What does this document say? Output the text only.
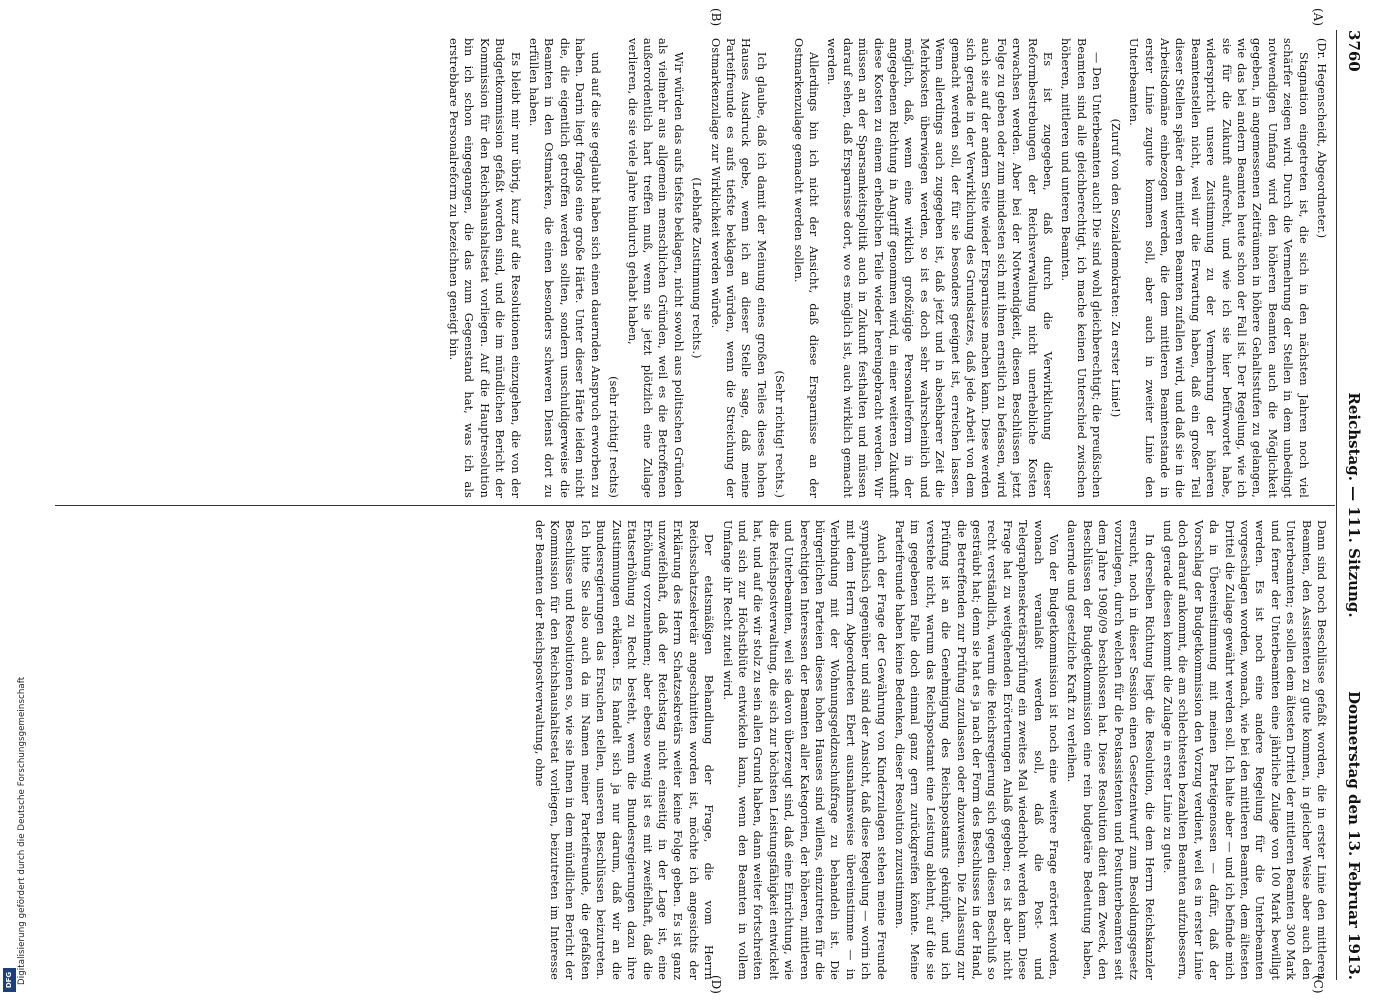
Digitalisierung gefördert durch die Deutsche Forschungsgemeinschaft
DFG
3760
Reichstag. — 111. Sitzung.
Donnerstag den 13. Februar 1913.
(A)
(B)
(C)
(D)

(Dr. Hegenscheidt, Abgeordneter.)

Stagnation eingetreten ist, die sich in den nächsten Jahren noch viel schärfer zeigen wird. Durch die Vermehrung der Stellen in dem unbedingt notwendigen Umfang wird den höheren Beamten auch die Möglichkeit gegeben, in angemessenen Zeiträumen in höhere Gehaltsstufen zu gelangen, wie das bei andern Beamten heute schon der Fall ist. Der Regelung, wie ich sie für die Zukunft aufrecht, und wie ich sie hier befürwortet habe, widerspricht unsere Zustimmung zu der Vermehrung der höheren Beamtenstellen nicht, weil wir die Erwartung haben, daß ein großer Teil dieser Stellen später den mittleren Beamten zufallen wird, und daß sie in die Arbeitsdomäne einbezogen werden, die dem mittleren Beamtenstande in erster Linie zugute kommen soll, aber auch in zweiter Linie den Unterbeamten.

(Zuruf von den Sozialdemokraten: Zu erster Linie!)

— Den Unterbeamten auch! Die sind wohl gleichberechtigt; die preußischen Beamten sind alle gleichberechtigt, ich mache keinen Unterschied zwischen höheren, mittleren und unteren Beamten.

Es ist zugegeben, daß durch die Verwirklichung dieser Reformbestrebungen der Reichsverwaltung nicht unerhebliche Kosten erwachsen werden. Aber bei der Notwendigkeit, diesen Beschlüssen jetzt Folge zu geben oder zum mindesten sich mit ihnen ernstlich zu befassen, wird auch sie auf der andern Seite wieder Ersparnisse machen kann. Diese werden sich gerade in der Verwirklichung des Grundsatzes, daß jede Arbeit von dem gemacht werden soll, der für sie besonders geeignet ist, erreichen lassen. Wenn allerdings auch zugegeben ist, daß jetzt und in absehbarer Zeit die Mehrkosten überwiegen werden, so ist es doch sehr wahrscheinlich und möglich, daß, wenn eine wirklich großzügige Personalreform in der angegebenen Richtung in Angriff genommen wird, in einer weiteren Zukunft diese Kosten zu einem erheblichen Teile wieder hereingebracht werden. Wir müssen an der Sparsamkeitspolitik auch in Zukunft festhalten und müssen darauf sehen, daß Ersparnisse dort, wo es möglich ist, auch wirklich gemacht werden.

Allerdings bin ich nicht der Ansicht, daß diese Ersparnisse an der Ostmarkenzulage gemacht werden sollen.

(Sehr richtig! rechts.)

Ich glaube, daß ich damit der Meinung eines großen Teiles dieses hohen Hauses Ausdruck gebe, wenn ich an dieser Stelle sage, daß meine Parteifreunde es aufs tiefste beklagen würden, wenn die Streichung der Ostmarkenzulage zur Wirklichkeit werden würde.

(Lebhafte Zustimmung rechts.)

Wir würden das aufs tiefste beklagen, nicht sowohl aus politischen Gründen als vielmehr aus allgemein menschlichen Gründen, weil es die Betroffenen außerordentlich hart treffen muß, wenn sie jetzt plötzlich eine Zulage verlieren, die sie viele Jahre hindurch gehabt haben,

(sehr richtig! rechts)

und auf die sie geglaubt haben sich einen dauernden Anspruch erworben zu haben. Darin liegt fraglos eine große Härte. Unter dieser Härte leiden nicht die, die eigentlich getroffen werden sollten, sondern unschuldigerweise die Beamten in den Ostmarken, die einen besonders schweren Dienst dort zu erfüllen haben.

Es bleibt mir nur übrig, kurz auf die Resolutionen einzugehen, die von der Budgetkommission gefaßt worden sind, und die im mündlichen Bericht der Kommission für den Reichshaushaltsetat vorliegen. Auf die Hauptresolution bin ich schon eingegangen, die das zum Gegenstand hat, was ich als erstrebbare Personalreform zu bezeichnen geneigt bin.

Dann sind noch Beschlüsse gefaßt worden, die in erster Linie den mittleren Beamten, den Assistenten zu gute kommen, in gleicher Weise aber auch den Unterbeamten; es sollen dem ältesten Drittel der mittleren Beamten 300 Mark und ferner der Unterbeamten eine jährliche Zulage von 100 Mark bewilligt werden. Es ist noch eine andere Regelung für die Unterbeamten vorgeschlagen worden, wonach, wie bei den mittleren Beamten, dem ältesten Drittel die Zulage gewährt werden soll. Ich halte aber — und ich befinde mich da in Übereinstimmung mit meinen Parteigenossen — dafür, daß der Vorschlag der Budgetkommission den Vorzug verdient, weil es in erster Linie doch darauf ankommt, die am schlechtesten bezahlten Beamten aufzubessern, und gerade diesen kommt die Zulage in erster Linie zu gute.

In derselben Richtung liegt die Resolution, die dem Herrn Reichskanzler ersucht, noch in dieser Session einen Gesetzentwurf zum Besoldungsgesetz vorzulegen, durch welchen für die Postassistenten und Postunterbeamten seit dem Jahre 1908/09 beschlossen hat. Diese Resolution dient dem Zweck, den Beschlüssen der Budgetkommission eine rein budgetäre Bedeutung haben, dauernde und gesetzliche Kraft zu verleihen.

Von der Budgetkommission ist noch eine weitere Frage erörtert worden, wonach veranlaßt werden soll, daß die Post- und Telegraphensekretärsprüfung ein zweites Mal wiederholt werden kann. Diese Frage hat zu weitgehenden Erörterungen Anlaß gegeben; es ist aber nicht recht verständlich, warum die Reichsregierung sich gegen diesen Beschluß so gesträubt hat; denn sie hat es ja nach der Form des Beschlusses in der Hand, die Betreffenden zur Prüfung zuzulassen oder abzuweisen. Die Zulassung zur Prüfung ist an die Genehmigung des Reichspostamts geknüpft, und ich verstehe nicht, warum das Reichspostamt eine Leistung ablehnt, auf die sie im gegebenen Falle doch einmal ganz gern zurückgreifen könnte. Meine Parteifreunde haben keine Bedenken, dieser Resolution zuzustimmen.

Auch der Frage der Gewährung von Kinderzulagen stehen meine Freunde sympathisch gegenüber und sind der Ansicht, daß diese Regelung — worin ich mit dem Herrn Abgeordneten Ebert ausnahmsweise übereinstimme — in Verbindung mit der Wohnungsgeldzuschußfrage zu behandeln ist. Die bürgerlichen Parteien dieses hohen Hauses sind willens, einzutreten für die berechtigten Interessen der Beamten aller Kategorien, der höheren, mittleren und Unterbeamten, weil sie davon überzeugt sind, daß eine Einrichtung, wie die Reichspostverwaltung, die sich zur höchsten Leistungsfähigkeit entwickelt hat, und auf die wir stolz zu sein allen Grund haben, dann weiter fortschreiten und sich zur Höchstblüte entwickeln kann, wenn den Beamten in vollem Umfange ihr Recht zuteil wird.

Der etatsmäßigen Behandlung der Frage, die vom Herrn Reichsschatzsekretär angeschnitten worden ist, möchte ich angesichts der Erklärung des Herrn Schatzsekretärs weiter keine Folge geben. Es ist ganz unzweifelhaft, daß der Reichstag nicht einseitig in der Lage ist, eine Erhöhung vorzunehmen; aber ebenso wenig ist es mit zweifelhaft, daß die Etatserhöhung zu Recht besteht, wenn die Bundesregierungen dazu ihre Zustimmungen erklären. Es handelt sich ja nur darum, daß wir an die Bundesregierungen das Ersuchen stellen, unseren Beschlüssen beizutreten. Ich bitte Sie also auch da im Namen meiner Parteifreunde, die gefaßten Beschlüsse und Resolutionen so, wie sie Ihnen in dem mündlichen Bericht der Kommission für den Reichshaushaltsetat vorliegen, beizutreten im Interesse der Beamten der Reichspostverwaltung, ohne
